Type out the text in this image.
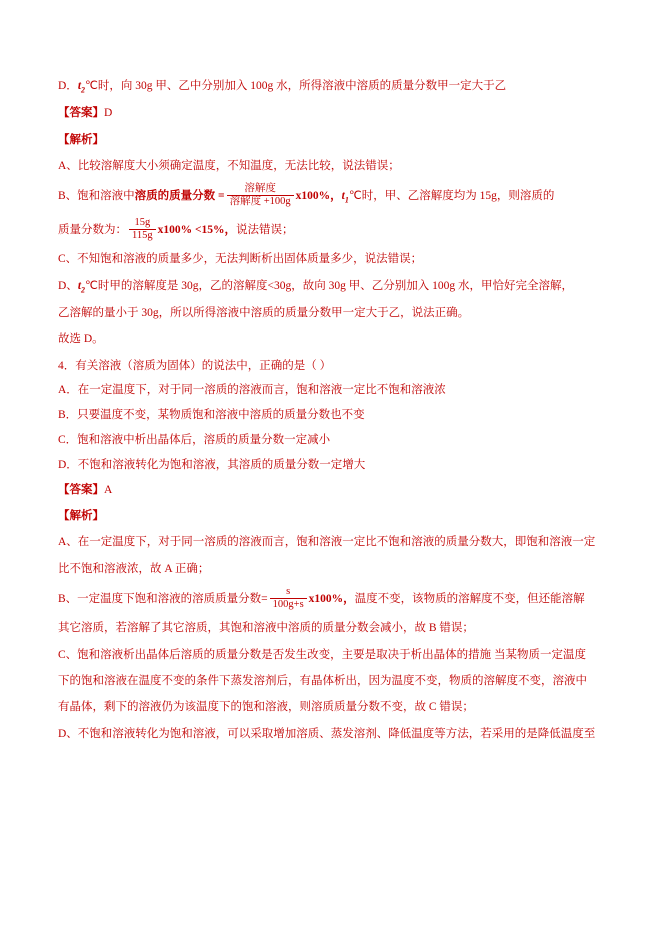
D．$t_2℃$时，向 30g 甲、乙中分别加入 100g 水，所得溶液中溶质的质量分数甲一定大于乙

【答案】D

【解析】

A、比较溶解度大小须确定温度，不知温度，无法比较，说法错误；

B、饱和溶液中溶质的质量分数 = $\frac{\text{溶解度}}{\text{溶解度 +100g}} x100\%$，$t_1℃$时，甲、乙溶解度均为 15g，则溶质的

质量分数为： $\frac{15g}{115g} x100\% <15\%$，说法错误；

C、不知饱和溶液的质量多少，无法判断析出固体质量多少，说法错误；

D、$t_2℃$时甲的溶解度是 30g，乙的溶解度<30g，故向 30g 甲、乙分别加入 100g 水，甲恰好完全溶解，

乙溶解的量小于 30g，所以所得溶液中溶质的质量分数甲一定大于乙，说法正确。

故选 D。

4．有关溶液（溶质为固体）的说法中，正确的是（ ）

A．在一定温度下，对于同一溶质的溶液而言，饱和溶液一定比不饱和溶液浓

B．只要温度不变，某物质饱和溶液中溶质的质量分数也不变

C．饱和溶液中析出晶体后，溶质的质量分数一定减小

D．不饱和溶液转化为饱和溶液，其溶质的质量分数一定增大

【答案】A

【解析】

A、在一定温度下，对于同一溶质的溶液而言，饱和溶液一定比不饱和溶液的质量分数大，即饱和溶液一定

比不饱和溶液浓，故 A 正确；

B、一定温度下饱和溶液的溶质质量分数= $\frac{s}{100g+s} x100\%$，温度不变，该物质的溶解度不变，但还能溶解

其它溶质，若溶解了其它溶质，其饱和溶液中溶质的质量分数会减小，故 B 错误；

C、饱和溶液析出晶体后溶质的质量分数是否发生改变，主要是取决于析出晶体的措施 当某物质一定温度

下的饱和溶液在温度不变的条件下蒸发溶剂后，有晶体析出，因为温度不变，物质的溶解度不变，溶液中

有晶体，剩下的溶液仍为该温度下的饱和溶液，则溶质质量分数不变，故 C 错误；

D、不饱和溶液转化为饱和溶液，可以采取增加溶质、蒸发溶剂、降低温度等方法，若采用的是降低温度至
